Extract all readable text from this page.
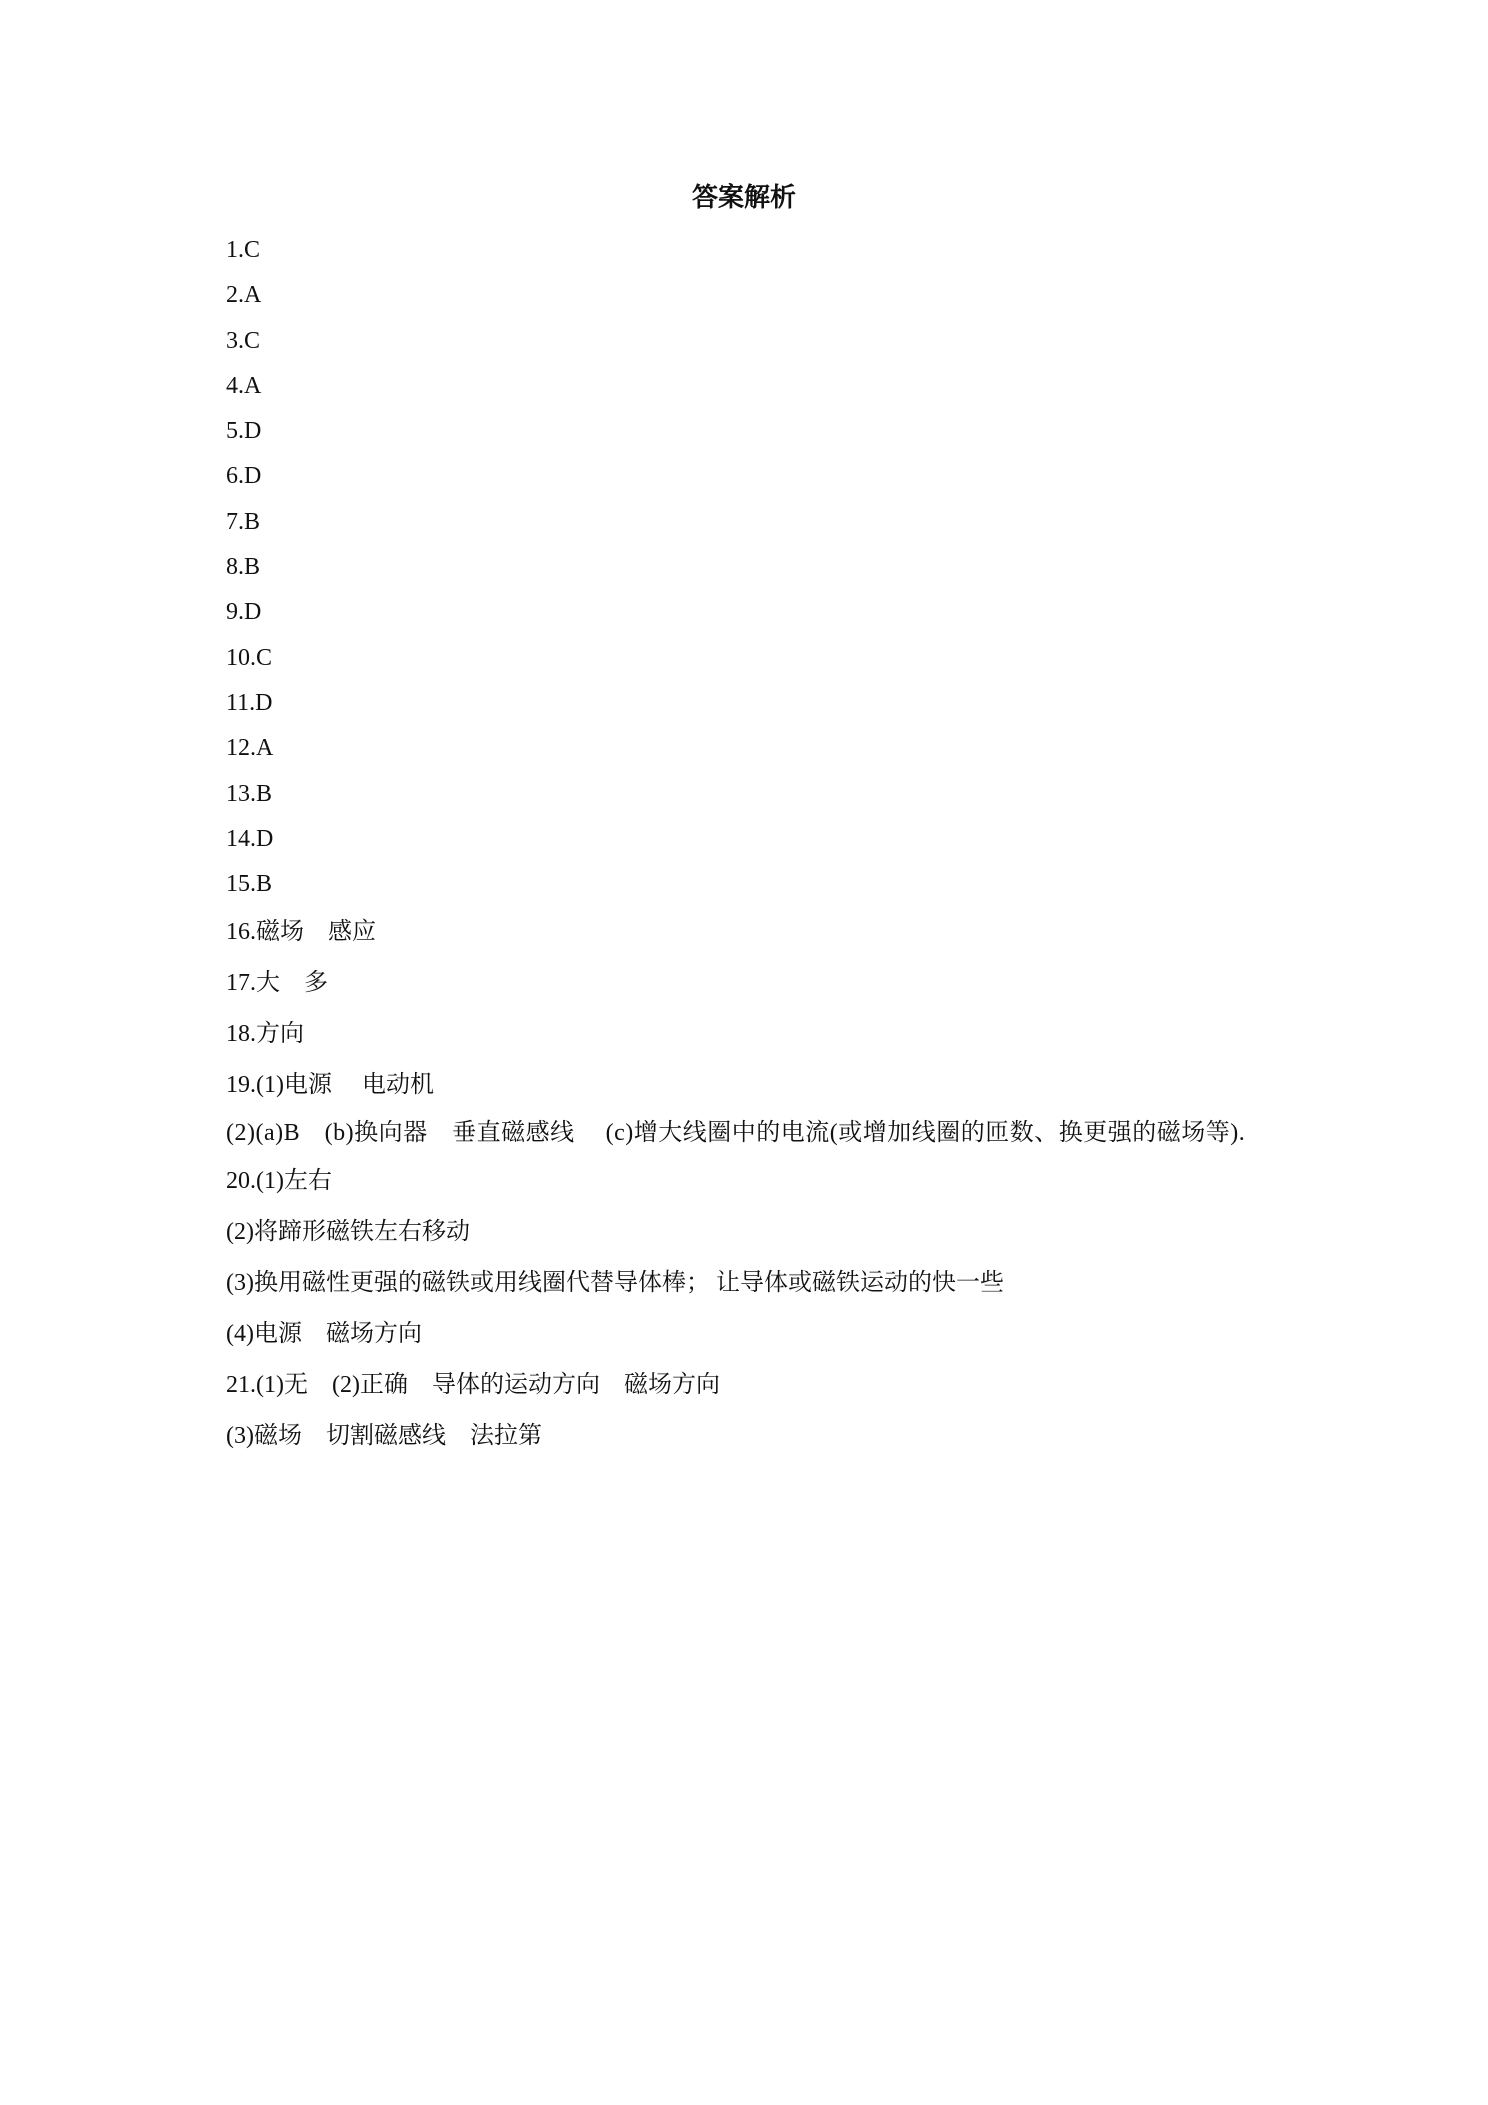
答案解析
1.C
2.A
3.C
4.A
5.D
6.D
7.B
8.B
9.D
10.C
11.D
12.A
13.B
14.D
15.B
16.磁场　感应
17.大　多
18.方向
19.(1)电源　 电动机
(2)(a)B　(b)换向器　垂直磁感线　 (c)增大线圈中的电流(或增加线圈的匝数、换更强的磁场等).
20.(1)左右
(2)将蹄形磁铁左右移动
(3)换用磁性更强的磁铁或用线圈代替导体棒； 让导体或磁铁运动的快一些
(4)电源　磁场方向
21.(1)无　(2)正确　导体的运动方向　磁场方向
(3)磁场　切割磁感线　法拉第
